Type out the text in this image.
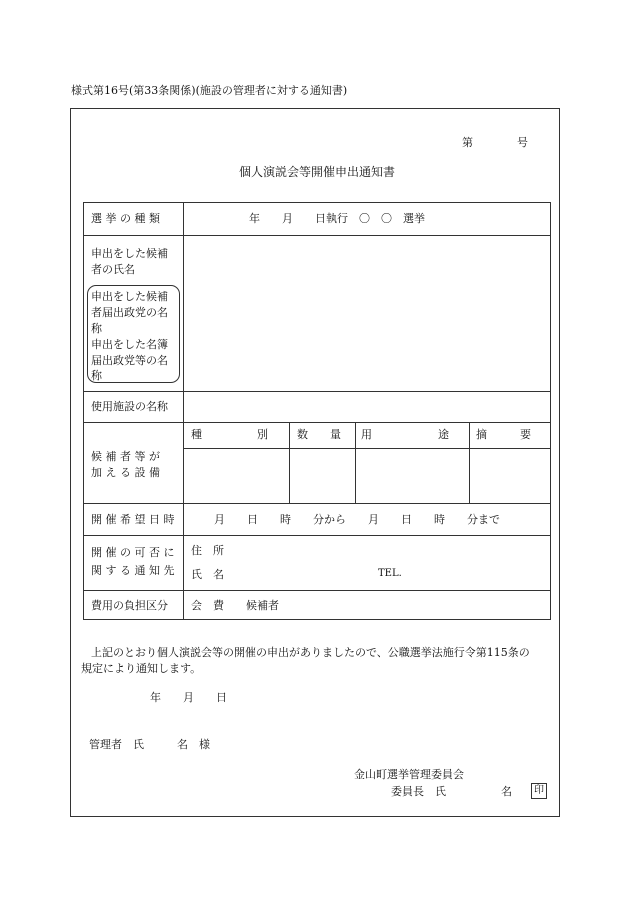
様式第16号(第33条関係)(施設の管理者に対する通知書)
第　　　　号
個人演説会等開催申出通知書
選 挙 の 種 類	年　　月　　日執行　〇　〇　選挙
申出をした候補
者の氏名
申出をした候補
者届出政党の名
称
申出をした名簿
届出政党等の名
称
使用施設の名称
候 補 者 等 が
加 え る 設 備
種　　　　　別	数　　量 用　　　　　　途 摘　　　要
開 催 希 望 日 時	月　　日　　時　　分から　　月　　日　　時　　分まで
開 催 の 可 否 に
関 す る 通 知 先
住　所
氏　名	TEL.
費用の負担区分 会　費　　候補者
上記のとおり個人演説会等の開催の申出がありましたので、公職選挙法施行令第115条の
規定により通知します。
年　　月　　日
管理者　氏　　　名　様
金山町選挙管理委員会
委員長　氏　　　　　名	印
